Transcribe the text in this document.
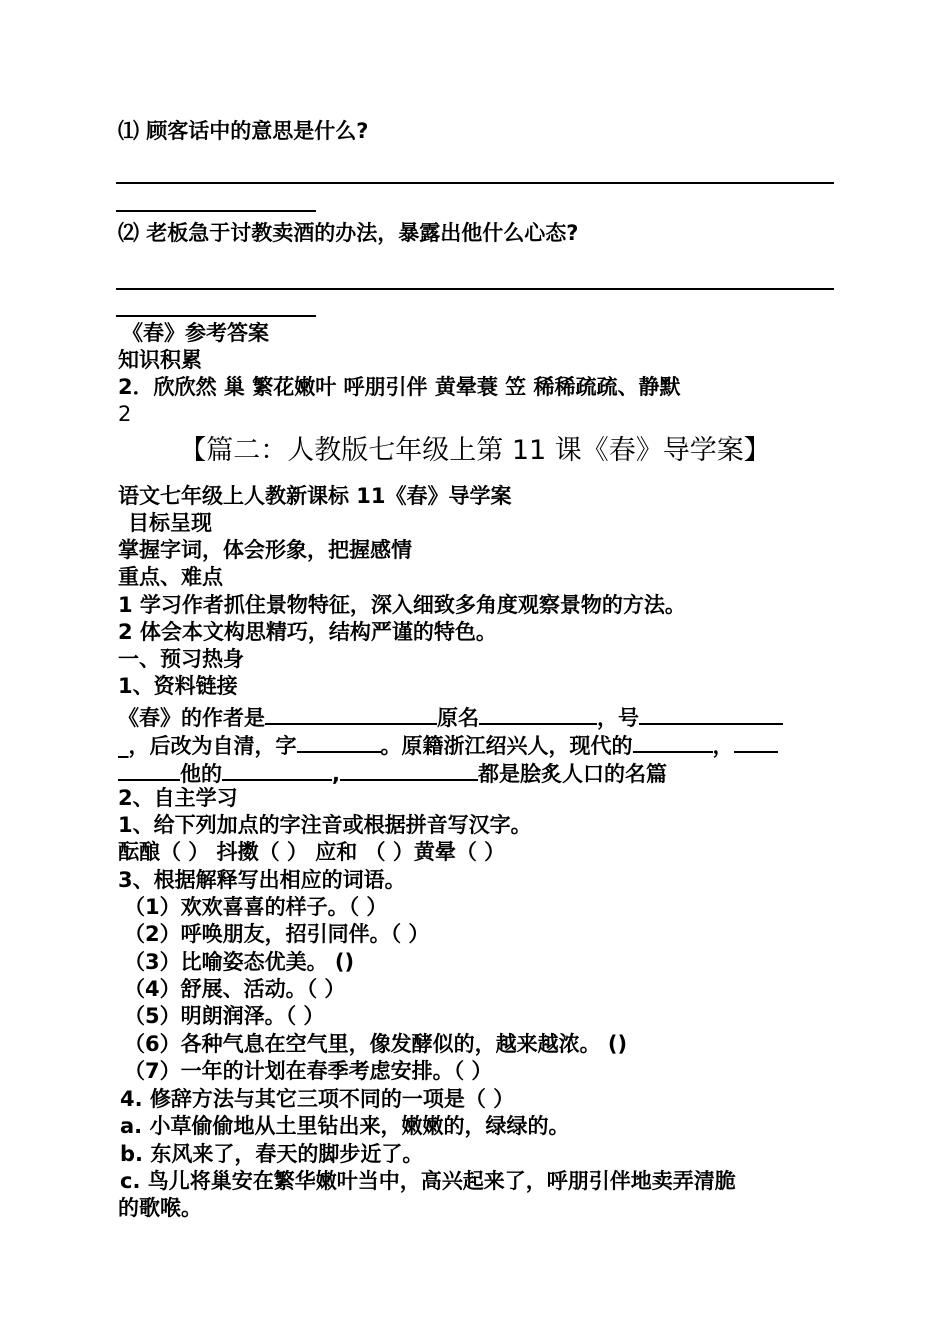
⑴ 顾客话中的意思是什么?
⑵ 老板急于讨教卖酒的办法，暴露出他什么心态?
《春》参考答案
知识积累
2．欣欣然 巢 繁花嫩叶 呼朋引伴 黄晕蓑 笠 稀稀疏疏、静默
2
【篇二：人教版七年级上第 11 课《春》导学案】
语文七年级上人教新课标 11《春》导学案
目标呈现
掌握字词，体会形象，把握感情
重点、难点
1 学习作者抓住景物特征，深入细致多角度观察景物的方法。
2 体会本文构思精巧，结构严谨的特色。
一、预习热身
1、资料链接
《春》的作者是	原名	，号
_，后改为自清，字	。原籍浙江绍兴人，现代的	，
他的	,	都是脍炙人口的名篇
2、自主学习
1、给下列加点的字注音或根据拼音写汉字。
酝酿（ ） 抖擞（ ） 应和 （ ）黄晕（ ）
3、根据解释写出相应的词语。
（1）欢欢喜喜的样子。（ ）
（2）呼唤朋友，招引同伴。（ ）
（3）比喻姿态优美。 ()
（4）舒展、活动。（ ）
（5）明朗润泽。（ ）
（6）各种气息在空气里，像发酵似的，越来越浓。 ()
（7）一年的计划在春季考虑安排。（ ）
4. 修辞方法与其它三项不同的一项是（ ）
a. 小草偷偷地从土里钻出来，嫩嫩的，绿绿的。
b. 东风来了，春天的脚步近了。
c. 鸟儿将巢安在繁华嫩叶当中，高兴起来了，呼朋引伴地卖弄清脆
的歌喉。
